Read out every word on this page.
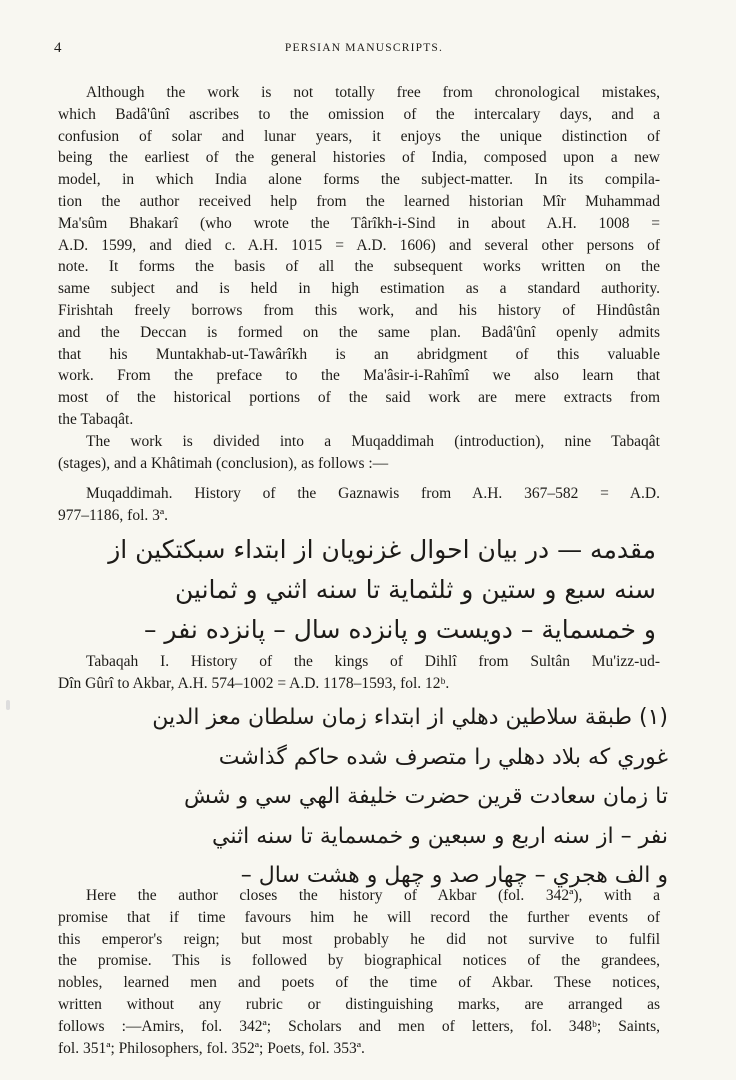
4	PERSIAN MANUSCRIPTS.
Although the work is not totally free from chronological mistakes,
which Badâ'ûnî ascribes to the omission of the intercalary days, and a
confusion of solar and lunar years, it enjoys the unique distinction of
being the earliest of the general histories of India, composed upon a new
model, in which India alone forms the subject-matter. In its compila-
tion the author received help from the learned historian Mîr Muhammad
Ma'sûm Bhakarî (who wrote the Târîkh-i-Sind in about A.H. 1008 =
A.D. 1599, and died c. A.H. 1015 = A.D. 1606) and several other persons of
note. It forms the basis of all the subsequent works written on the
same subject and is held in high estimation as a standard authority.
Firishtah freely borrows from this work, and his history of Hindûstân
and the Deccan is formed on the same plan. Badâ'ûnî openly admits
that his Muntakhab-ut-Tawârîkh is an abridgment of this valuable
work. From the preface to the Ma'âsir-i-Rahîmî we also learn that
most of the historical portions of the said work are mere extracts from
the Tabaqât.
The work is divided into a Muqaddimah (introduction), nine Tabaqât
(stages), and a Khâtimah (conclusion), as follows :—
Muqaddimah. History of the Gaznawis from A.H. 367–582 = A.D.
977–1186, fol. 3ª.
مقدمه — در بیان احوال غزنویان از ابتداء سبکتکین از
سنه سبع و ستین و ثلثمایة تا سنه اثني و ثمانین
و خمسمایة – دویست و پانزده سال – پانزده نفر –
Tabaqah I. History of the kings of Dihlî from Sultân Mu'izz-ud-
Dîn Gûrî to Akbar, A.H. 574–1002 = A.D. 1178–1593, fol. 12ᵇ.
(۱) طبقة سلاطین دهلي از ابتداء زمان سلطان معز الدین
غوري که بلاد دهلي را متصرف شده حاکم گذاشت
تا زمان سعادت قرین حضرت خلیفة الهي سي و شش
نفر – از سنه اربع و سبعین و خمسمایة تا سنه اثني
و الف هجري – چهار صد و چهل و هشت سال –
Here the author closes the history of Akbar (fol. 342ª), with a
promise that if time favours him he will record the further events of
this emperor's reign; but most probably he did not survive to fulfil
the promise. This is followed by biographical notices of the grandees,
nobles, learned men and poets of the time of Akbar. These notices,
written without any rubric or distinguishing marks, are arranged as
follows :—Amirs, fol. 342ª; Scholars and men of letters, fol. 348ᵇ; Saints,
fol. 351ª; Philosophers, fol. 352ª; Poets, fol. 353ª.
